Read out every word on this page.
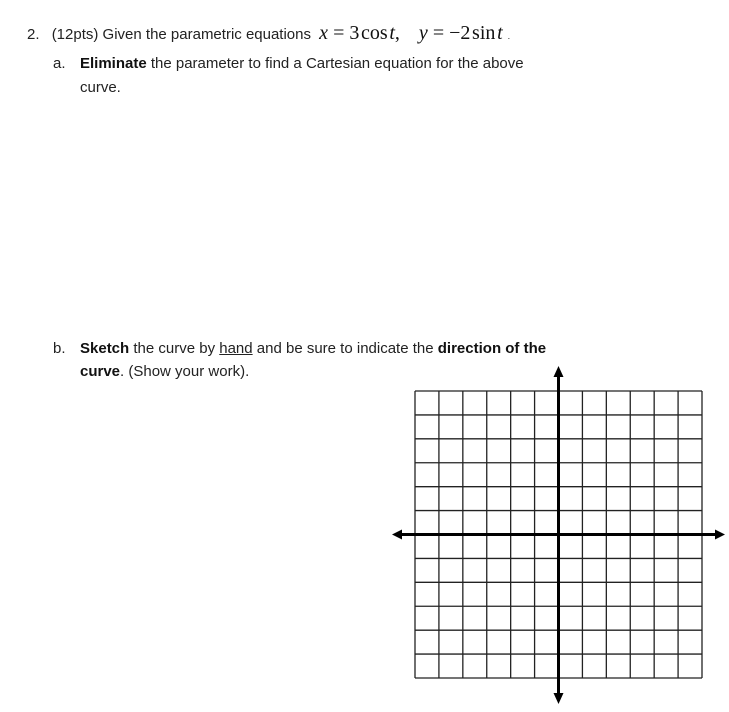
2. (12pts) Given the parametric equations x = 3 cos t, y = −2 sin t .
a. Eliminate the parameter to find a Cartesian equation for the above
curve.
b. Sketch the curve by hand and be sure to indicate the direction of the
curve. (Show your work).
